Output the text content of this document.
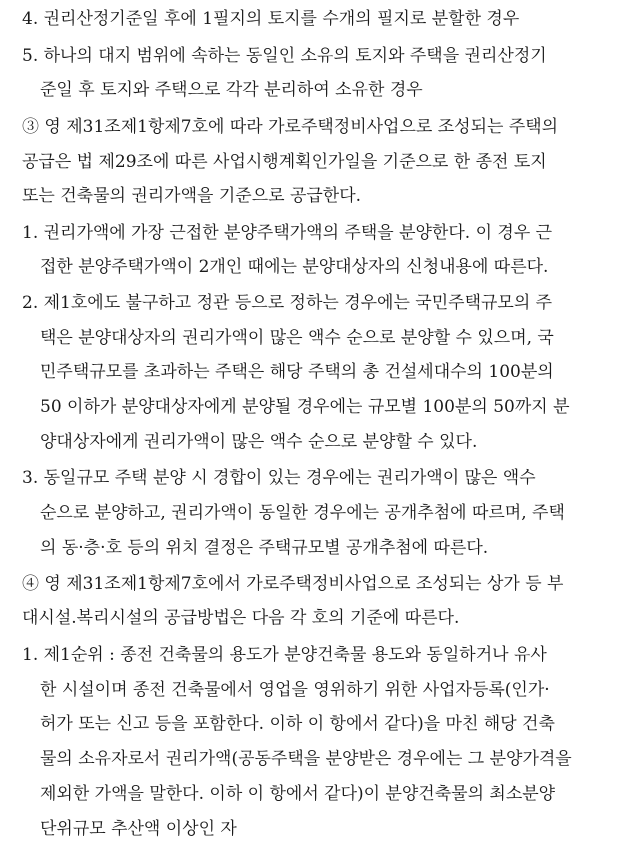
4. 권리산정기준일 후에 1필지의 토지를 수개의 필지로 분할한 경우
5. 하나의 대지 범위에 속하는 동일인 소유의 토지와 주택을 권리산정기
준일 후 토지와 주택으로 각각 분리하여 소유한 경우
③ 영 제31조제1항제7호에 따라 가로주택정비사업으로 조성되는 주택의
공급은 법 제29조에 따른 사업시행계획인가일을 기준으로 한 종전 토지
또는 건축물의 권리가액을 기준으로 공급한다.
1. 권리가액에 가장 근접한 분양주택가액의 주택을 분양한다. 이 경우 근
접한 분양주택가액이 2개인 때에는 분양대상자의 신청내용에 따른다.
2. 제1호에도 불구하고 정관 등으로 정하는 경우에는 국민주택규모의 주
택은 분양대상자의 권리가액이 많은 액수 순으로 분양할 수 있으며, 국
민주택규모를 초과하는 주택은 해당 주택의 총 건설세대수의 100분의
50 이하가 분양대상자에게 분양될 경우에는 규모별 100분의 50까지 분
양대상자에게 권리가액이 많은 액수 순으로 분양할 수 있다.
3. 동일규모 주택 분양 시 경합이 있는 경우에는 권리가액이 많은 액수
순으로 분양하고, 권리가액이 동일한 경우에는 공개추첨에 따르며, 주택
의 동·층·호 등의 위치 결정은 주택규모별 공개추첨에 따른다.
④ 영 제31조제1항제7호에서 가로주택정비사업으로 조성되는 상가 등 부
대시설.복리시설의 공급방법은 다음 각 호의 기준에 따른다.
1. 제1순위 : 종전 건축물의 용도가 분양건축물 용도와 동일하거나 유사
한 시설이며 종전 건축물에서 영업을 영위하기 위한 사업자등록(인가·
허가 또는 신고 등을 포함한다. 이하 이 항에서 같다)을 마친 해당 건축
물의 소유자로서 권리가액(공동주택을 분양받은 경우에는 그 분양가격을
제외한 가액을 말한다. 이하 이 항에서 같다)이 분양건축물의 최소분양
단위규모 추산액 이상인 자
